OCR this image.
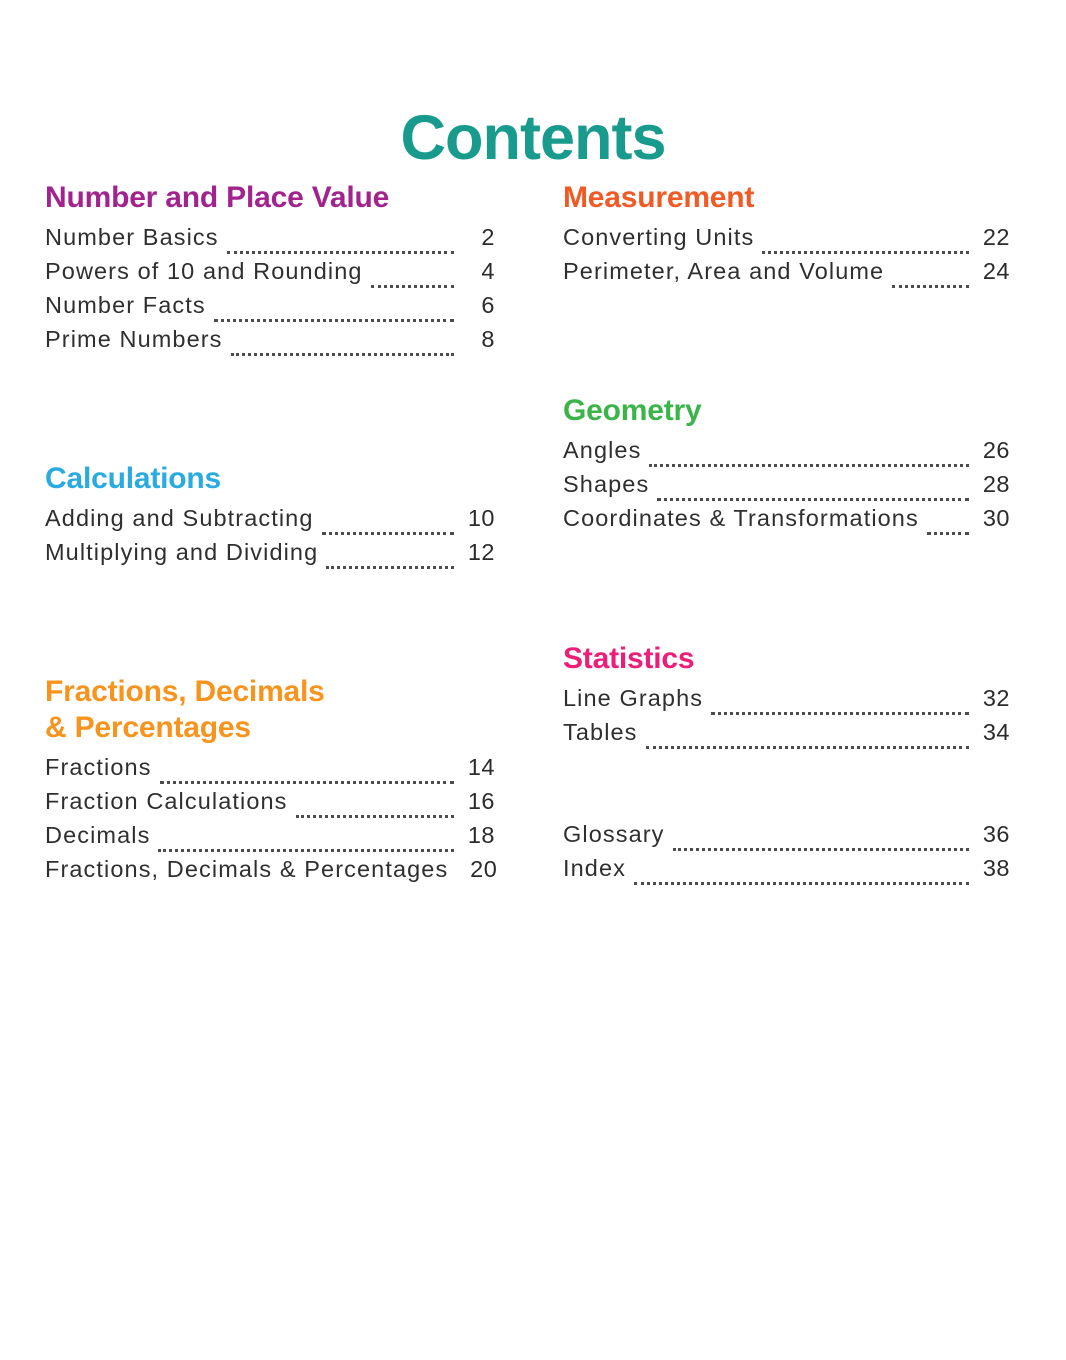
Contents
Number and Place Value
Number Basics	2
Powers of 10 and Rounding	4
Number Facts	6
Prime Numbers	8
Calculations
Adding and Subtracting	10
Multiplying and Dividing	12
Fractions, Decimals
& Percentages
Fractions	14
Fraction Calculations	16
Decimals	18
Fractions, Decimals & Percentages 20
Measurement
Converting Units	22
Perimeter, Area and Volume	24
Geometry
Angles	26
Shapes	28
Coordinates & Transformations	30
Statistics
Line Graphs	32
Tables	34
Glossary	36
Index	38
